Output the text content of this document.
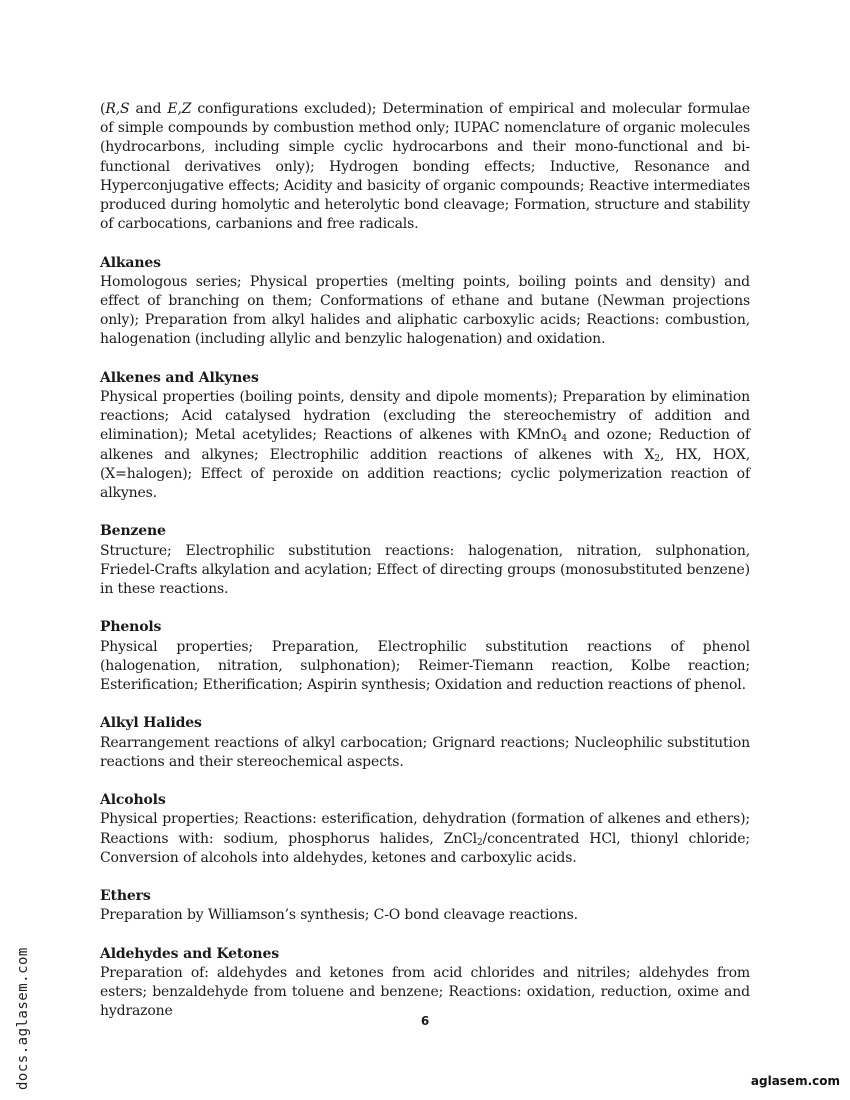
(R,S and E,Z configurations excluded); Determination of empirical and molecular formulae of simple compounds by combustion method only; IUPAC nomenclature of organic molecules (hydrocarbons, including simple cyclic hydrocarbons and their mono-functional and bi-functional derivatives only); Hydrogen bonding effects; Inductive, Resonance and Hyperconjugative effects; Acidity and basicity of organic compounds; Reactive intermediates produced during homolytic and heterolytic bond cleavage; Formation, structure and stability of carbocations, carbanions and free radicals.

Alkanes

Homologous series; Physical properties (melting points, boiling points and density) and effect of branching on them; Conformations of ethane and butane (Newman projections only); Preparation from alkyl halides and aliphatic carboxylic acids; Reactions: combustion, halogenation (including allylic and benzylic halogenation) and oxidation.

Alkenes and Alkynes

Physical properties (boiling points, density and dipole moments); Preparation by elimination reactions; Acid catalysed hydration (excluding the stereochemistry of addition and elimination); Metal acetylides; Reactions of alkenes with KMnO$_4$ and ozone; Reduction of alkenes and alkynes; Electrophilic addition reactions of alkenes with $X_2$, HX, HOX, (X=halogen); Effect of peroxide on addition reactions; cyclic polymerization reaction of alkynes.

Benzene

Structure; Electrophilic substitution reactions: halogenation, nitration, sulphonation, Friedel-Crafts alkylation and acylation; Effect of directing groups (monosubstituted benzene) in these reactions.

Phenols

Physical properties; Preparation, Electrophilic substitution reactions of phenol (halogenation, nitration, sulphonation); Reimer-Tiemann reaction, Kolbe reaction; Esterification; Etherification; Aspirin synthesis; Oxidation and reduction reactions of phenol.

Alkyl Halides

Rearrangement reactions of alkyl carbocation; Grignard reactions; Nucleophilic substitution reactions and their stereochemical aspects.

Alcohols

Physical properties; Reactions: esterification, dehydration (formation of alkenes and ethers); Reactions with: sodium, phosphorus halides, ZnCl$_2$/concentrated HCl, thionyl chloride; Conversion of alcohols into aldehydes, ketones and carboxylic acids.

Ethers

Preparation by Williamson’s synthesis; C-O bond cleavage reactions.

Aldehydes and Ketones

Preparation of: aldehydes and ketones from acid chlorides and nitriles; aldehydes from esters; benzaldehyde from toluene and benzene; Reactions: oxidation, reduction, oxime and hydrazone

6
docs.aglasem.com	aglasem.com
